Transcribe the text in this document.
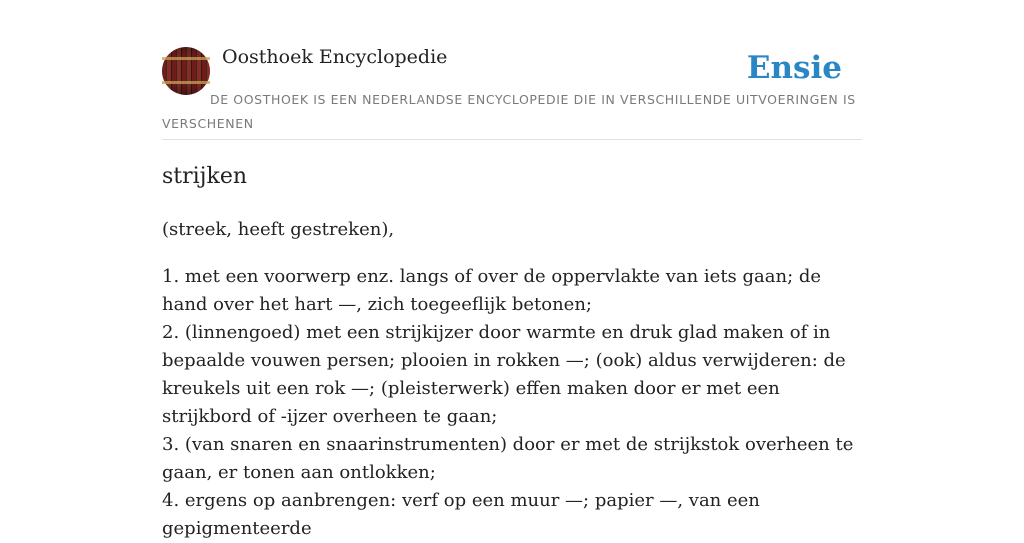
Oosthoek Encyclopedie	Ensie
DE OOSTHOEK IS EEN NEDERLANDSE ENCYCLOPEDIE DIE IN VERSCHILLENDE UITVOERINGEN IS VERSCHENEN
strijken
(streek, heeft gestreken),
1. met een voorwerp enz. langs of over de oppervlakte van iets gaan; de hand over het hart —, zich toegeeflijk betonen;
2. (linnengoed) met een strijkijzer door warmte en druk glad maken of in bepaalde vouwen persen; plooien in rokken —; (ook) aldus verwijderen: de kreukels uit een rok —; (pleisterwerk) effen maken door er met een strijkbord of -ijzer overheen te gaan;
3. (van snaren en snaarinstrumenten) door er met de strijkstok overheen te gaan, er tonen aan ontlokken;
4. ergens op aanbrengen: verf op een muur —; papier —, van een gepigmenteerde
